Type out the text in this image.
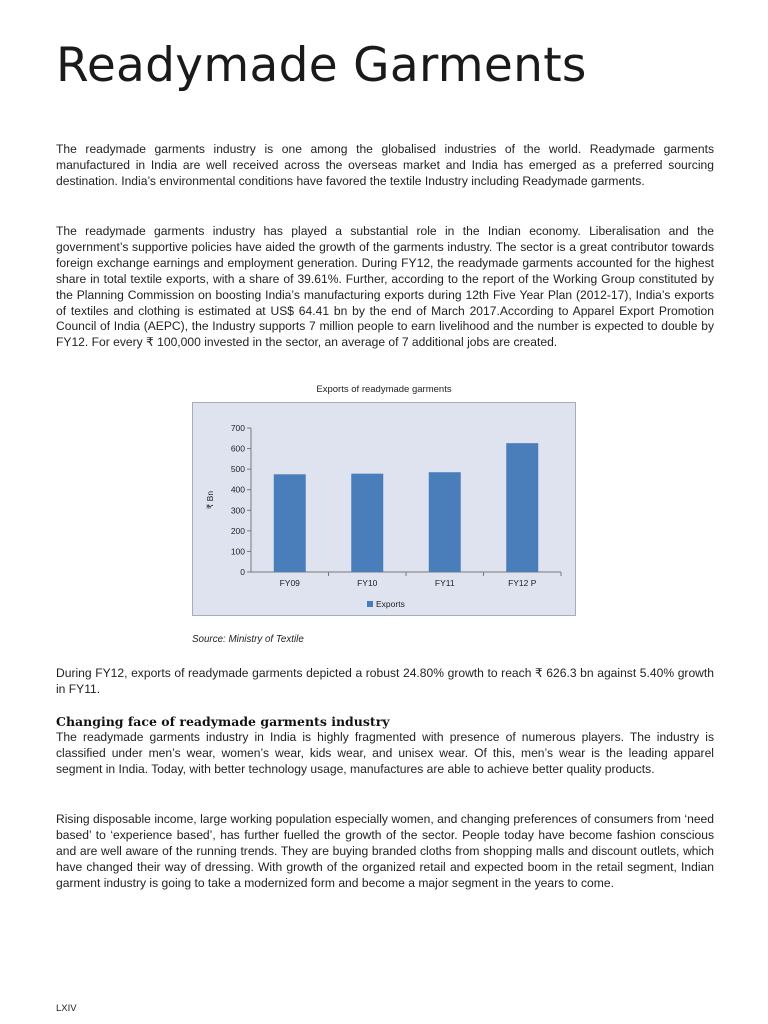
Readymade Garments

The readymade garments industry is one among the globalised industries of the world. Readymade garments manufactured in India are well received across the overseas market and India has emerged as a preferred sourcing destination. India’s environmental conditions have favored the textile Industry including Readymade garments.

The readymade garments industry has played a substantial role in the Indian economy. Liberalisation and the government’s supportive policies have aided the growth of the garments industry. The sector is a great contributor towards foreign exchange earnings and employment generation. During FY12, the readymade garments accounted for the highest share in total textile exports, with a share of 39.61%. Further, according to the report of the Working Group constituted by the Planning Commission on boosting India’s manufacturing exports during 12th Five Year Plan (2012-17), India’s exports of textiles and clothing is estimated at US$ 64.41 bn by the end of March 2017.According to Apparel Export Promotion Council of India (AEPC), the Industry supports 7 million people to earn livelihood and the number is expected to double by FY12. For every ₹ 100,000 invested in the sector, an average of 7 additional jobs are created.

During FY12, exports of readymade garments depicted a robust 24.80% growth to reach ₹ 626.3 bn against 5.40% growth in FY11.

Changing face of readymade garments industry

The readymade garments industry in India is highly fragmented with presence of numerous players. The industry is classified under men’s wear, women’s wear, kids wear, and unisex wear. Of this, men’s wear is the leading apparel segment in India. Today, with better technology usage, manufactures are able to achieve better quality products.

Rising disposable income, large working population especially women, and changing preferences of consumers from ‘need based’ to ‘experience based’, has further fuelled the growth of the sector. People today have become fashion conscious and are well aware of the running trends. They are buying branded cloths from shopping malls and discount outlets, which have changed their way of dressing. With growth of the organized retail and expected boom in the retail segment, Indian garment industry is going to take a modernized form and become a major segment in the years to come.

Exports of readymade garments
0
100
200
300
400
500
600
700
₹ Bn
FY09	FY10	FY11	FY12 P
Exports
Source: Ministry of Textile
LXIV
